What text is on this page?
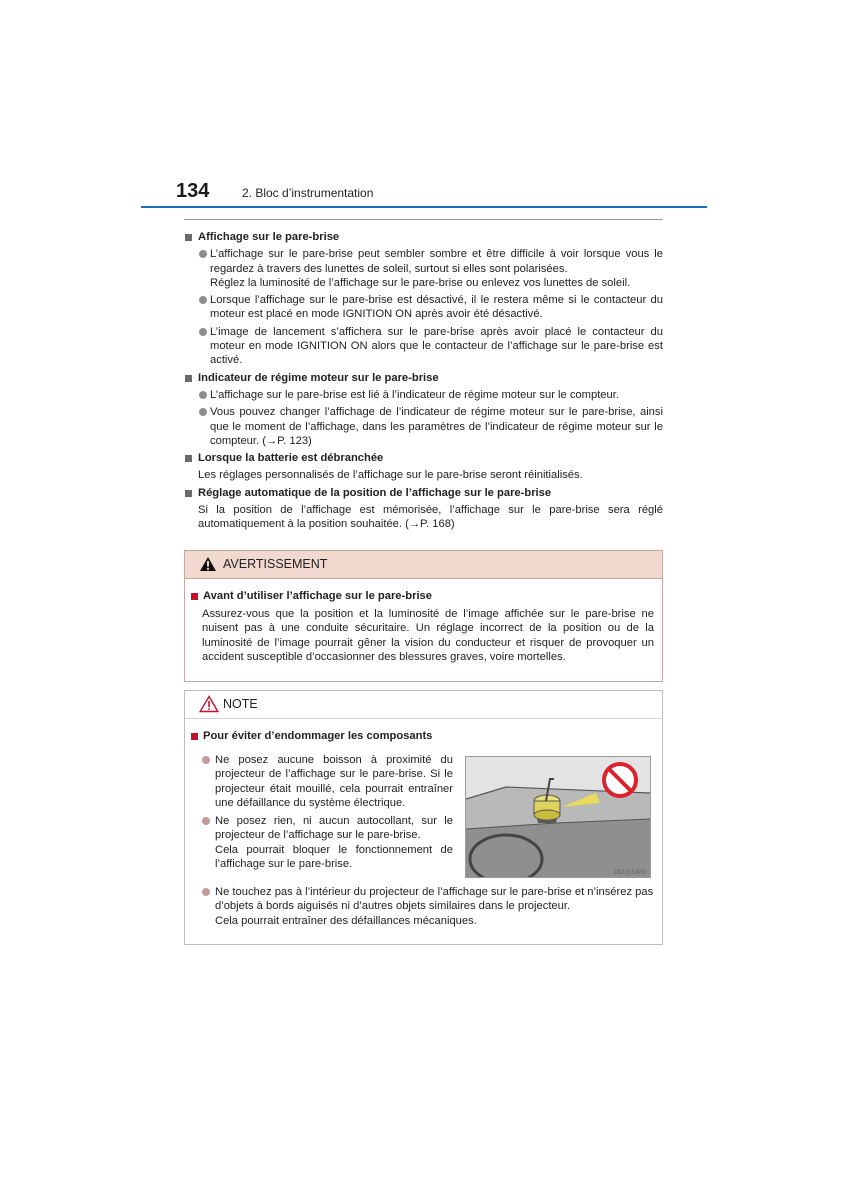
134	2. Bloc d’instrumentation
Affichage sur le pare-brise
L’affichage sur le pare-brise peut sembler sombre et être difficile à voir lorsque vous le regardez à travers des lunettes de soleil, surtout si elles sont polarisées.
Réglez la luminosité de l’affichage sur le pare-brise ou enlevez vos lunettes de soleil.
Lorsque l’affichage sur le pare-brise est désactivé, il le restera même si le contacteur du moteur est placé en mode IGNITION ON après avoir été désactivé.
L’image de lancement s’affichera sur le pare-brise après avoir placé le contacteur du moteur en mode IGNITION ON alors que le contacteur de l’affichage sur le pare-brise est activé.
Indicateur de régime moteur sur le pare-brise
L’affichage sur le pare-brise est lié à l’indicateur de régime moteur sur le compteur.
Vous pouvez changer l’affichage de l’indicateur de régime moteur sur le pare-brise, ainsi que le moment de l’affichage, dans les paramètres de l’indicateur de régime moteur sur le compteur. (→P. 123)
Lorsque la batterie est débranchée
Les réglages personnalisés de l’affichage sur le pare-brise seront réinitialisés.
Réglage automatique de la position de l’affichage sur le pare-brise
Si la position de l’affichage est mémorisée, l’affichage sur le pare-brise sera réglé automatiquement à la position souhaitée. (→P. 168)
AVERTISSEMENT
Avant d’utiliser l’affichage sur le pare-brise
Assurez-vous que la position et la luminosité de l’image affichée sur le pare-brise ne nuisent pas à une conduite sécuritaire. Un réglage incorrect de la position ou de la luminosité de l’image pourrait gêner la vision du conducteur et risquer de provoquer un accident susceptible d’occasionner des blessures graves, voire mortelles.
NOTE
Pour éviter d’endommager les composants
Ne posez aucune boisson à proximité du projecteur de l’affichage sur le pare-brise. Si le projecteur était mouillé, cela pourrait entraîner une défaillance du système électrique.
Ne posez rien, ni aucun autocollant, sur le projecteur de l’affichage sur le pare-brise.
Cela pourrait bloquer le fonctionnement de l’affichage sur le pare-brise.
INZ1G5A09
Ne touchez pas à l’intérieur du projecteur de l’affichage sur le pare-brise et n’insérez pas d’objets à bords aiguisés ni d’autres objets similaires dans le projecteur.
Cela pourrait entraîner des défaillances mécaniques.
